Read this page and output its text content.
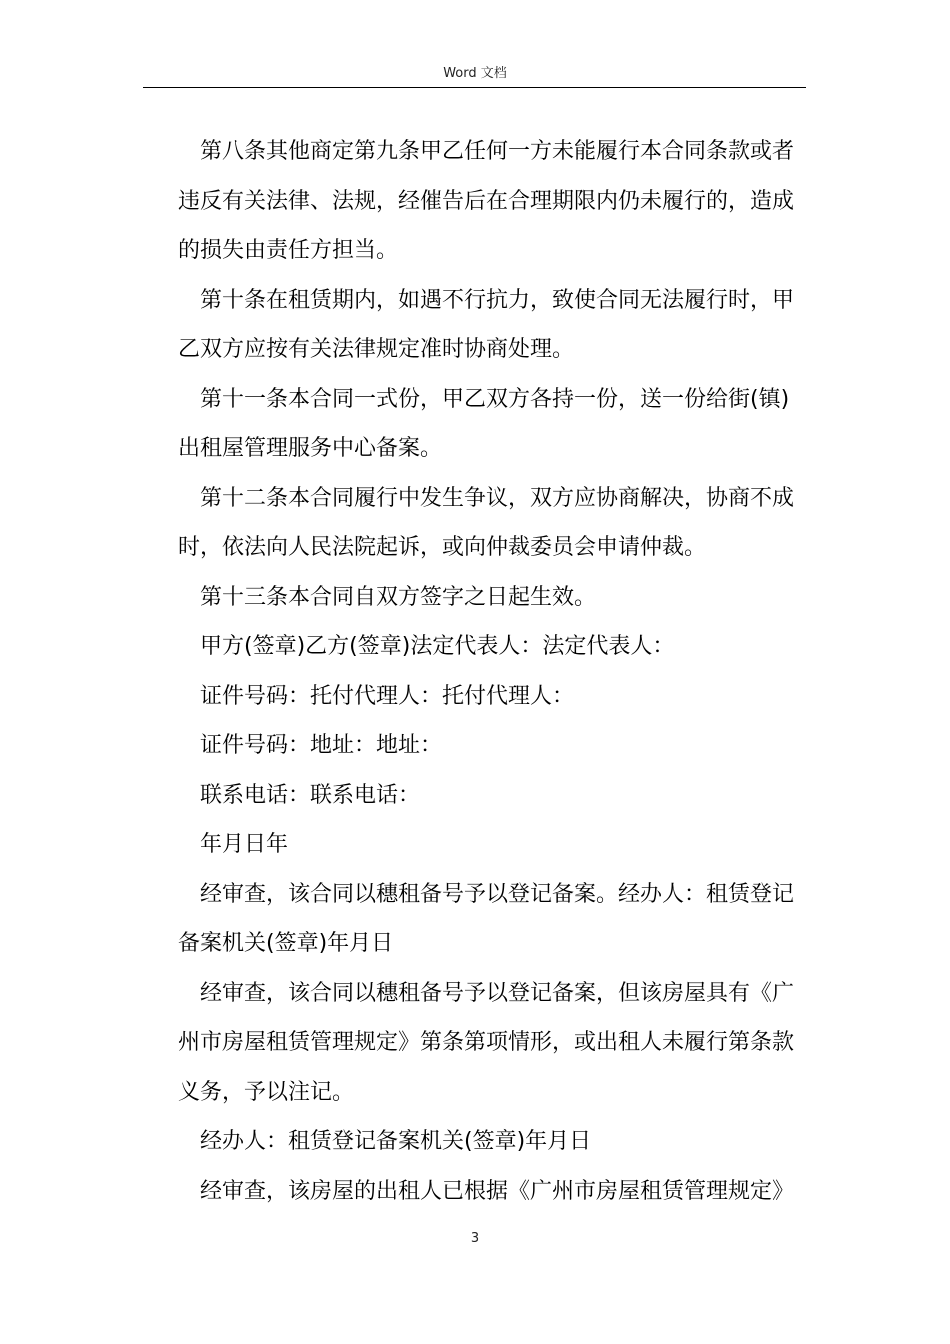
Word 文档

第八条其他商定第九条甲乙任何一方未能履行本合同条款或者违反有关法律、法规，经催告后在合理期限内仍未履行的，造成的损失由责任方担当。

第十条在租赁期内，如遇不行抗力，致使合同无法履行时，甲乙双方应按有关法律规定准时协商处理。

第十一条本合同一式份，甲乙双方各持一份，送一份给街(镇)出租屋管理服务中心备案。

第十二条本合同履行中发生争议，双方应协商解决，协商不成时，依法向人民法院起诉，或向仲裁委员会申请仲裁。

第十三条本合同自双方签字之日起生效。

甲方(签章)乙方(签章)法定代表人：法定代表人：

证件号码：托付代理人：托付代理人：

证件号码：地址：地址：

联系电话：联系电话：

年月日年

经审查，该合同以穗租备号予以登记备案。经办人：租赁登记备案机关(签章)年月日

经审查，该合同以穗租备号予以登记备案，但该房屋具有《广州市房屋租赁管理规定》第条第项情形，或出租人未履行第条款义务，予以注记。

经办人：租赁登记备案机关(签章)年月日

经审查，该房屋的出租人已根据《广州市房屋租赁管理规定》

3
